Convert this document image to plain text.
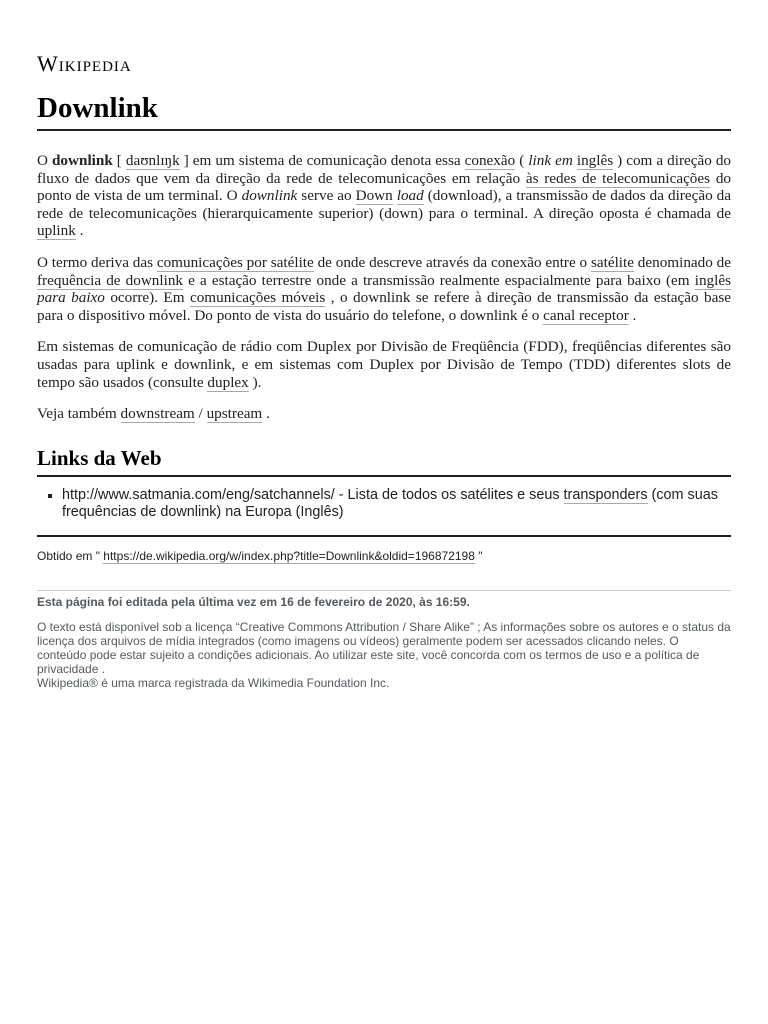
Wikipedia
Downlink

O downlink [ daʊnlɪŋk ] em um sistema de comunicação denota essa conexão ( link em inglês ) com a direção do fluxo de dados que vem da direção da rede de telecomunicações em relação às redes de telecomunicações do ponto de vista de um terminal. O downlink serve ao Down load (download), a transmissão de dados da direção da rede de telecomunicações (hierarquicamente superior) (down) para o terminal. A direção oposta é chamada de uplink .

O termo deriva das comunicações por satélite de onde descreve através da conexão entre o satélite denominado de frequência de downlink e a estação terrestre onde a transmissão realmente espacialmente para baixo (em inglês para baixo ocorre). Em comunicações móveis , o downlink se refere à direção de transmissão da estação base para o dispositivo móvel. Do ponto de vista do usuário do telefone, o downlink é o canal receptor .

Em sistemas de comunicação de rádio com Duplex por Divisão de Freqüência (FDD), freqüências diferentes são usadas para uplink e downlink, e em sistemas com Duplex por Divisão de Tempo (TDD) diferentes slots de tempo são usados (consulte duplex ).

Veja também downstream / upstream .

Links da Web
http://www.satmania.com/eng/satchannels/ - Lista de todos os satélites e seus transponders (com suas frequências de downlink) na Europa (Inglês)
Obtido em " https://de.wikipedia.org/w/index.php?title=Downlink&oldid=196872198 "
Esta página foi editada pela última vez em 16 de fevereiro de 2020, às 16:59.
O texto está disponível sob a licença “Creative Commons Attribution / Share Alike” ; As informações sobre os autores e o status da licença dos arquivos de mídia integrados (como imagens ou vídeos) geralmente podem ser acessados clicando neles. O conteúdo pode estar sujeito a condições adicionais. Ao utilizar este site, você concorda com os termos de uso e a política de privacidade .
Wikipedia® é uma marca registrada da Wikimedia Foundation Inc.
